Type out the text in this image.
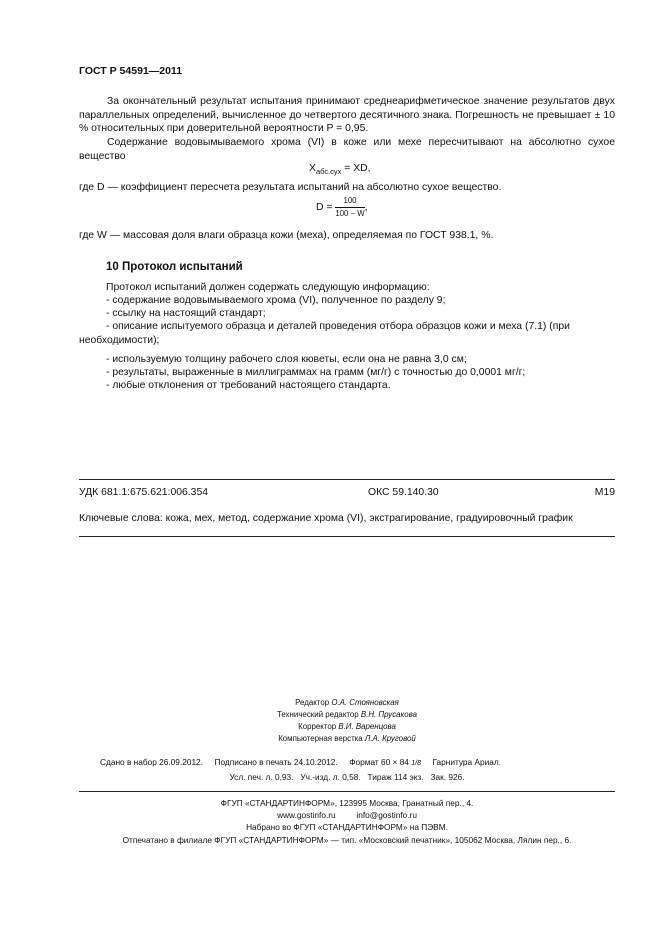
ГОСТ Р 54591—2011
За окончательный результат испытания принимают среднеарифметическое значение результатов двух параллельных определений, вычисленное до четвертого десятичного знака. Погрешность не превышает ± 10 % относительных при доверительной вероятности P = 0,95.
Содержание водовымываемого хрома (VI) в коже или мехе пересчитывают на абсолютно сухое вещество
$X_{абс.сух}$ = XD,
где D — коэффициент пересчета результата испытаний на абсолютно сухое вещество.
$D = \frac{100}{100 - W}$ ,
где W — массовая доля влаги образца кожи (меха), определяемая по ГОСТ 938.1, %.
10 Протокол испытаний
Протокол испытаний должен содержать следующую информацию:
- содержание водовымываемого хрома (VI), полученное по разделу 9;
- ссылку на настоящий стандарт;
- описание испытуемого образца и деталей проведения отбора образцов кожи и меха (7.1) (при необходимости);
- используемую толщину рабочего слоя кюветы, если она не равна 3,0 см;
- результаты, выраженные в миллиграммах на грамм (мг/г) с точностью до 0,0001 мг/г;
- любые отклонения от требований настоящего стандарта.
УДК 681.1:675.621:006.354	ОКС 59.140.30	М19
Ключевые слова: кожа, мех, метод, содержание хрома (VI), экстрагирование, градуировочный график
Редактор О.А. Стояновская
Технический редактор В.Н. Прусакова
Корректор В.И. Варенцова
Компьютерная верстка Л.А. Круговой
Сдано в набор 26.09.2012. Подписано в печать 24.10.2012. Формат 60 × 84 1/8 Гарнитура Ариал.
Усл. печ. л. 0,93.   Уч.-изд. л. 0,58.   Тираж 114 экз.   Зак. 926.
ФГУП «СТАНДАРТИНФОРМ», 123995 Москва, Гранатный пер., 4.
www.gostinfo.ru	info@gostinfo.ru
Набрано во ФГУП «СТАНДАРТИНФОРМ» на ПЭВМ.
Отпечатано в филиале ФГУП «СТАНДАРТИНФОРМ» — тип. «Московский печатник», 105062 Москва, Лялин пер., 6.
